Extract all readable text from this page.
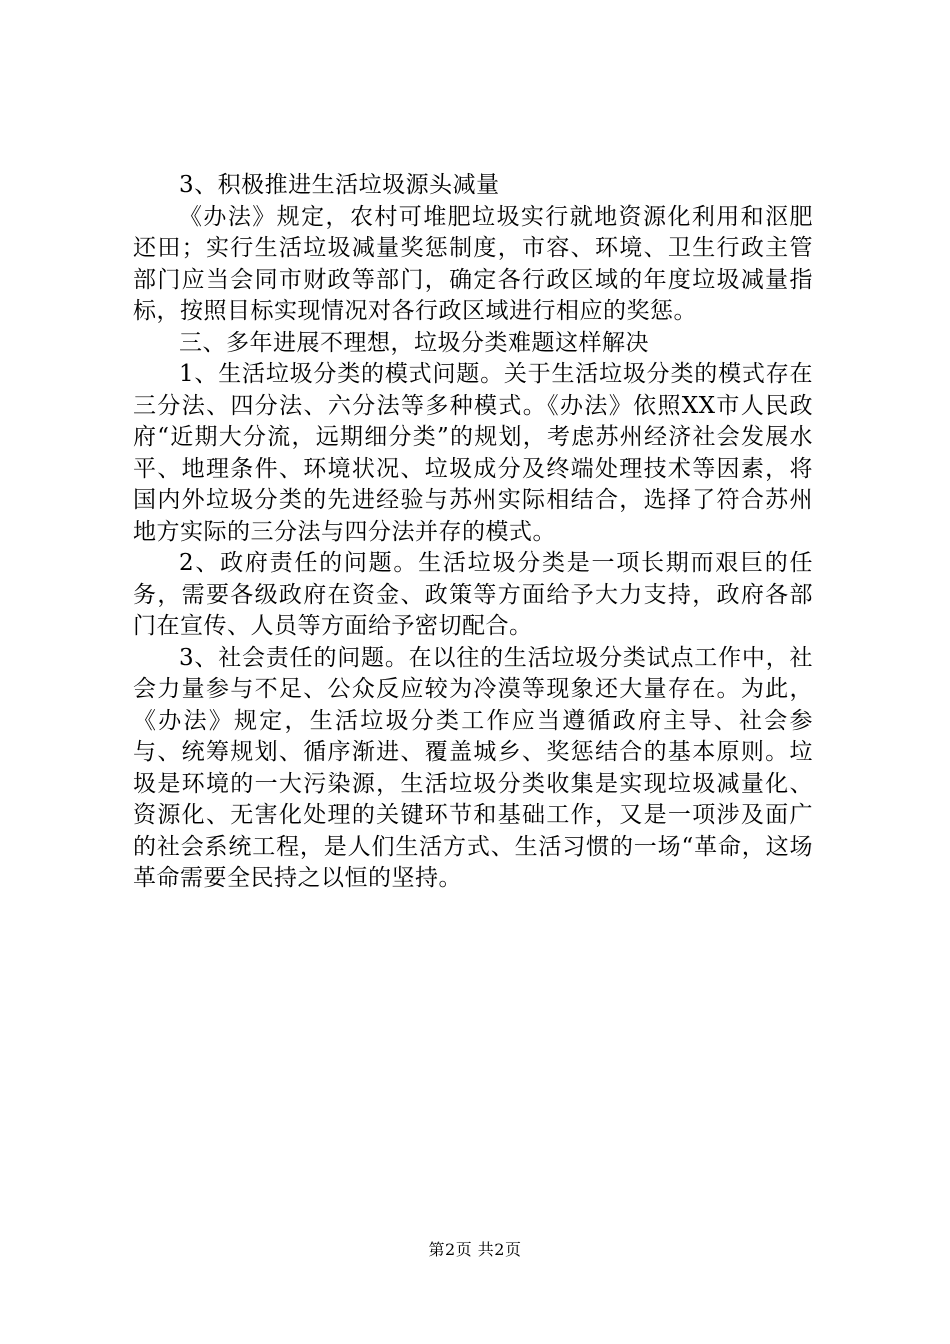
3、积极推进生活垃圾源头减量

《办法》规定，农村可堆肥垃圾实行就地资源化利用和沤肥还田；实行生活垃圾减量奖惩制度，市容、环境、卫生行政主管部门应当会同市财政等部门，确定各行政区域的年度垃圾减量指标，按照目标实现情况对各行政区域进行相应的奖惩。

三、多年进展不理想，垃圾分类难题这样解决

1、生活垃圾分类的模式问题。关于生活垃圾分类的模式存在三分法、四分法、六分法等多种模式。《办法》依照XX市人民政府“近期大分流，远期细分类”的规划，考虑苏州经济社会发展水平、地理条件、环境状况、垃圾成分及终端处理技术等因素，将国内外垃圾分类的先进经验与苏州实际相结合，选择了符合苏州地方实际的三分法与四分法并存的模式。

2、政府责任的问题。生活垃圾分类是一项长期而艰巨的任务，需要各级政府在资金、政策等方面给予大力支持，政府各部门在宣传、人员等方面给予密切配合。

3、社会责任的问题。在以往的生活垃圾分类试点工作中，社会力量参与不足、公众反应较为冷漠等现象还大量存在。为此，《办法》规定，生活垃圾分类工作应当遵循政府主导、社会参与、统筹规划、循序渐进、覆盖城乡、奖惩结合的基本原则。垃圾是环境的一大污染源，生活垃圾分类收集是实现垃圾减量化、资源化、无害化处理的关键环节和基础工作，又是一项涉及面广的社会系统工程，是人们生活方式、生活习惯的一场“革命，这场革命需要全民持之以恒的坚持。

第2页 共2页
